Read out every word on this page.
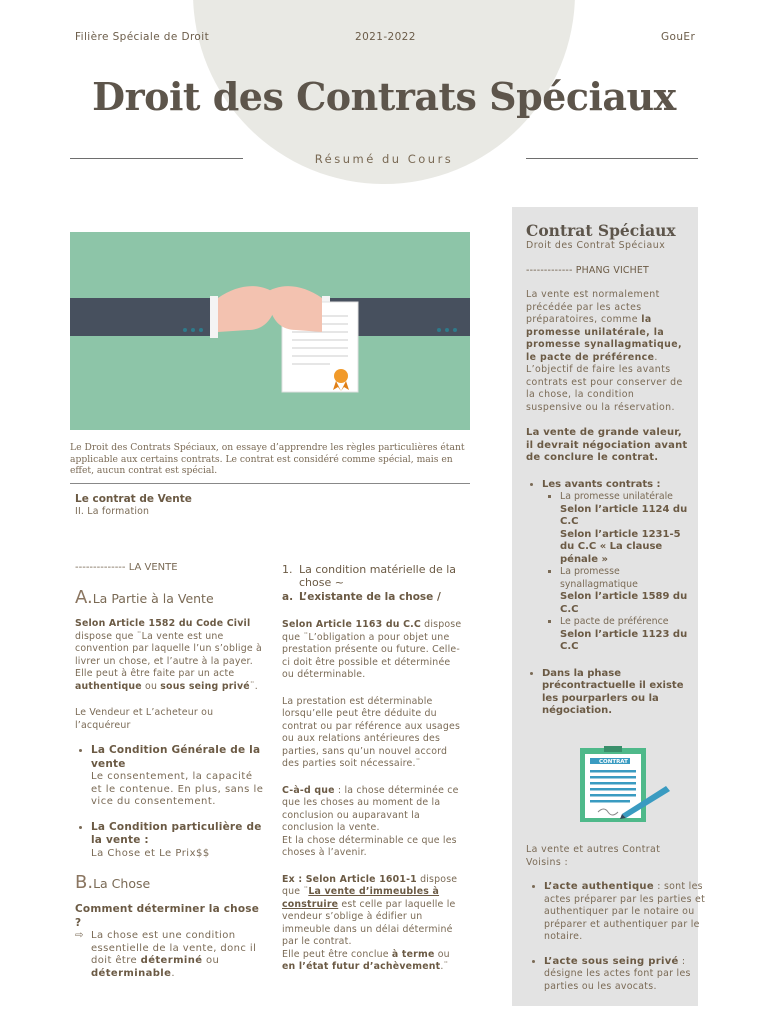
Filière Spéciale de Droit	2021-2022	GouEr
Droit des Contrats Spéciaux
Résumé du Cours
Le Droit des Contrats Spéciaux, on essaye d’apprendre les règles particulières étant applicable aux certains contrats. Le contrat est considéré comme spécial, mais en effet, aucun contrat est spécial.
Le contrat de Vente
II. La formation
-------------- LA VENTE
A.La Partie à la Vente
Selon Article 1582 du Code Civil
dispose que ¨La vente est une convention par laquelle l’un s’oblige à livrer un chose, et l’autre à la payer.
Elle peut à être faite par un acte authentique ou sous seing privé¨.
Le Vendeur et L’acheteur ou l’acquéreur
• La Condition Générale de la vente
Le consentement, la capacité et le contenue. En plus, sans le vice du consentement.
• La Condition particulière de la vente :
La Chose et Le Prix$$
B.La Chose
Comment déterminer la chose ?
⇨ La chose est une condition essentielle de la vente, donc il doit être déterminé ou déterminable.
1. La condition matérielle de la chose ~
a. L’existante de la chose /
Selon Article 1163 du C.C dispose que ¨L’obligation a pour objet une prestation présente ou future. Celle-ci doit être possible et déterminée ou déterminable.
La prestation est déterminable lorsqu’elle peut être déduite du contrat ou par référence aux usages ou aux relations antérieures des parties, sans qu’un nouvel accord des parties soit nécessaire.¨
C-à-d que : la chose déterminée ce que les choses au moment de la conclusion ou auparavant la conclusion la vente.
Et la chose déterminable ce que les choses à l’avenir.
Ex : Selon Article 1601-1 dispose que ¨La vente d’immeubles à construire est celle par laquelle le vendeur s’oblige à édifier un immeuble dans un délai déterminé par le contrat.
Elle peut être conclue à terme ou en l’état futur d’achèvement.¨
Contrat Spéciaux
Droit des Contrat Spéciaux
------------- PHANG VICHET
La vente est normalement précédée par les actes préparatoires, comme la promesse unilatérale, la promesse synallagmatique, le pacte de préférence. L’objectif de faire les avants contrats est pour conserver de la chose, la condition suspensive ou la réservation.
La vente de grande valeur, il devrait négociation avant de conclure le contrat.
• Les avants contrats :
▪ La promesse unilatérale
Selon l’article 1124 du C.C
Selon l’article 1231-5 du C.C « La clause pénale »
▪ La promesse synallagmatique
Selon l’article 1589 du C.C
▪ Le pacte de préférence
Selon l’article 1123 du C.C
• Dans la phase précontractuelle il existe les pourparlers ou la négociation.
CONTRAT
La vente et autres Contrat Voisins :
• L’acte authentique : sont les actes préparer par les parties et authentiquer par le notaire ou préparer et authentiquer par le notaire.
• L’acte sous seing privé : désigne les actes font par les parties ou les avocats.
